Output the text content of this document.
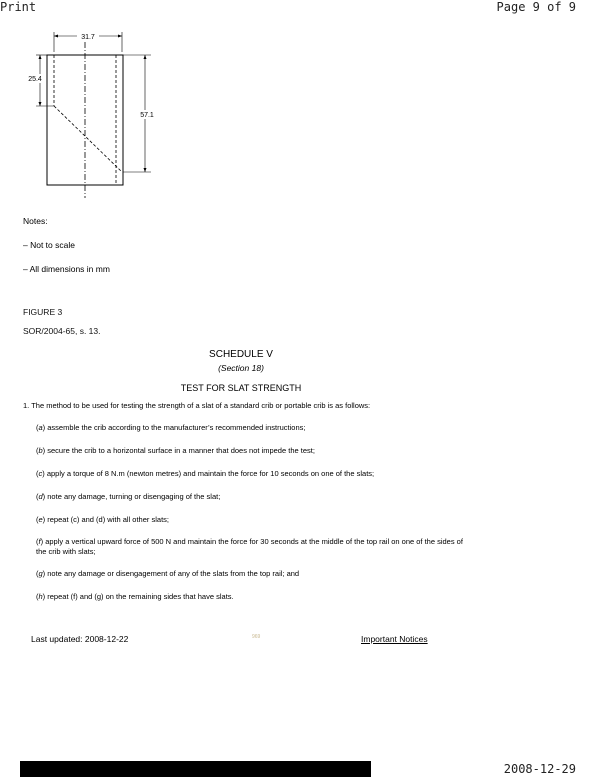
Print	Page 9 of 9
31.7
25.4
57.1
Notes:
– Not to scale
– All dimensions in mm
FIGURE 3
SOR/2004-65, s. 13.
SCHEDULE V
(Section 18)
TEST FOR SLAT STRENGTH
1. The method to be used for testing the strength of a slat of a standard crib or portable crib is as follows:
(a) assemble the crib according to the manufacturer’s recommended instructions;
(b) secure the crib to a horizontal surface in a manner that does not impede the test;
(c) apply a torque of 8 N.m (newton metres) and maintain the force for 10 seconds on one of the slats;
(d) note any damage, turning or disengaging of the slat;
(e) repeat (c) and (d) with all other slats;
(f) apply a vertical upward force of 500 N and maintain the force for 30 seconds at the middle of the top rail on one of the sides of the crib with slats;
(g) note any damage or disengagement of any of the slats from the top rail; and
(h) repeat (f) and (g) on the remaining sides that have slats.
Last updated: 2008-12-22	969	Important Notices
2008-12-29
